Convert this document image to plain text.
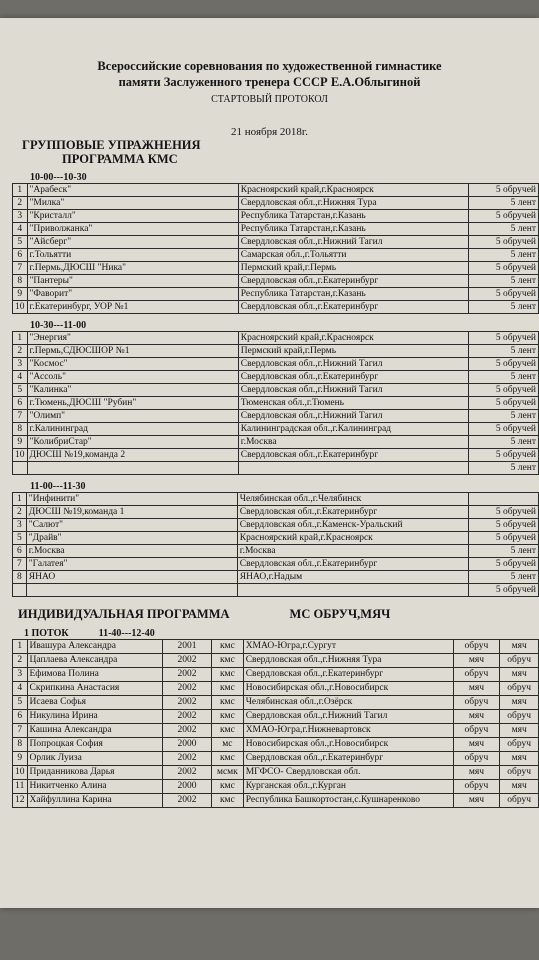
Всероссийские соревнования по художественной гимнастике
памяти Заслуженного тренера СССР Е.А.Облыгиной
СТАРТОВЫЙ ПРОТОКОЛ
21 ноября 2018г.
ГРУППОВЫЕ УПРАЖНЕНИЯ
ПРОГРАММА КМС
10-00---10-30
1	"Арабеск"	Красноярский край,г.Красноярск	5 обручей
2	"Милка"	Свердловская обл.,г.Нижняя Тура	5 лент
3	"Кристалл"	Республика Татарстан,г.Казань	5 обручей
4	"Приволжанка"	Республика Татарстан,г.Казань	5 лент
5	"Айсберг"	Свердловская обл.,г.Нижний Тагил	5 обручей
6	г.Тольятти	Самарская обл.,г.Тольятти	5 лент
7	г.Пермь,ДЮСШ "Ника"	Пермский край,г.Пермь	5 обручей
8	"Пантеры"	Свердловская обл.,г.Екатеринбург	5 лент
9	"Фаворит"	Республика Татарстан,г.Казань	5 обручей
10	г.Екатеринбург, УОР №1	Свердловская обл.,г.Екатеринбург	5 лент
10-30---11-00
1	"Энергия"	Красноярский край,г.Красноярск	5 обручей
2	г.Пермь,СДЮСШОР №1	Пермский край,г.Пермь	5 лент
3	"Космос"	Свердловская обл.,г.Нижний Тагил	5 обручей
4	"Ассоль"	Свердловская обл.,г.Екатеринбург	5 лент
5	"Калинка"	Свердловская обл.,г.Нижний Тагил	5 обручей
6	г.Тюмень,ДЮСШ "Рубин"	Тюменская обл.,г.Тюмень	5 обручей
7	"Олимп"	Свердловская обл.,г.Нижний Тагил	5 лент
8	г.Калининград	Калининградская обл.,г.Калининград	5 обручей
9	"КолибриСтар"	г.Москва	5 лент
10	ДЮСШ №19,команда 2	Свердловская обл.,г.Екатеринбург	5 обручей
			5 лент
11-00---11-30
1	"Инфинити"	Челябинская обл.,г.Челябинск	
2	ДЮСШ №19,команда 1	Свердловская обл.,г.Екатеринбург	5 обручей
3	"Салют"	Свердловская обл.,г.Каменск-Уральский	5 обручей
5	"Драйв"	Красноярский край,г.Красноярск	5 обручей
6	г.Москва	г.Москва	5 лент
7	"Галатея"	Свердловская обл.,г.Екатеринбург	5 обручей
8	ЯНАО	ЯНАО,г.Надым	5 лент
			5 обручей
ИНДИВИДУАЛЬНАЯ ПРОГРАММА	МС ОБРУЧ,МЯЧ
1 ПОТОК	11-40---12-40
1	Ивашура Александра	2001	кмс	ХМАО-Югра,г.Сургут	обруч	мяч
2	Цаплаева Александра	2002	кмс	Свердловская обл.,г.Нижняя Тура	мяч	обруч
3	Ефимова Полина	2002	кмс	Свердловская обл.,г.Екатеринбург	обруч	мяч
4	Скрипкина Анастасия	2002	кмс	Новосибирская обл.,г.Новосибирск	мяч	обруч
5	Исаева Софья	2002	кмс	Челябинская обл.,г.Озёрск	обруч	мяч
6	Никулина Ирина	2002	кмс	Свердловская обл.,г.Нижний Тагил	мяч	обруч
7	Кашина Александра	2002	кмс	ХМАО-Югра,г.Нижневартовск	обруч	мяч
8	Попроцкая София	2000	мс	Новосибирская обл.,г.Новосибирск	мяч	обруч
9	Орлик Луиза	2002	кмс	Свердловская обл.,г.Екатеринбург	обруч	мяч
10	Приданникова Дарья	2002	мсмк	МГФСО- Свердловская обл.	мяч	обруч
11	Никитченко Алина	2000	кмс	Курганская обл.,г.Курган	обруч	мяч
12	Хайфуллина Карина	2002	кмс	Республика Башкортостан,с.Кушнаренково	мяч	обруч
